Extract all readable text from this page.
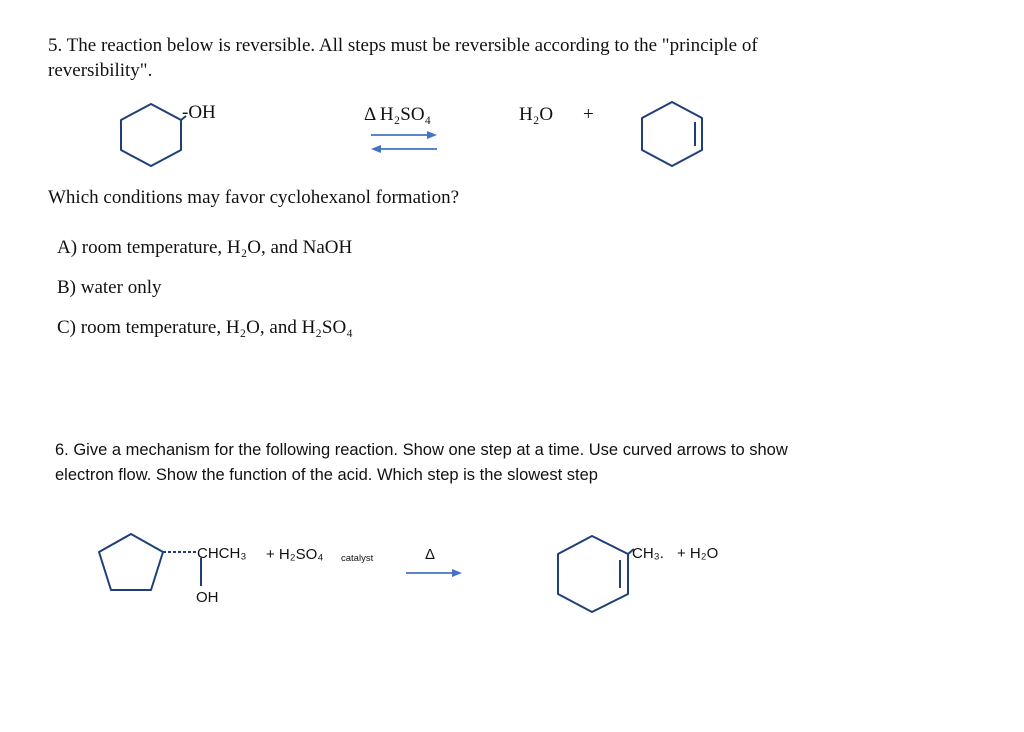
5. The reaction below is reversible. All steps must be reversible according to the "principle of
reversibility".
-OH	Δ H₂SO₄	H₂O +
Which conditions may favor cyclohexanol formation?
A) room temperature, H₂O, and NaOH
B) water only
C) room temperature, H₂O, and H₂SO₄
6. Give a mechanism for the following reaction. Show one step at a time. Use curved arrows to show
electron flow. Show the function of the acid. Which step is the slowest step
CHCH₃
OH
+ H₂SO₄ catalyst	Δ	CH₃. + H₂O
